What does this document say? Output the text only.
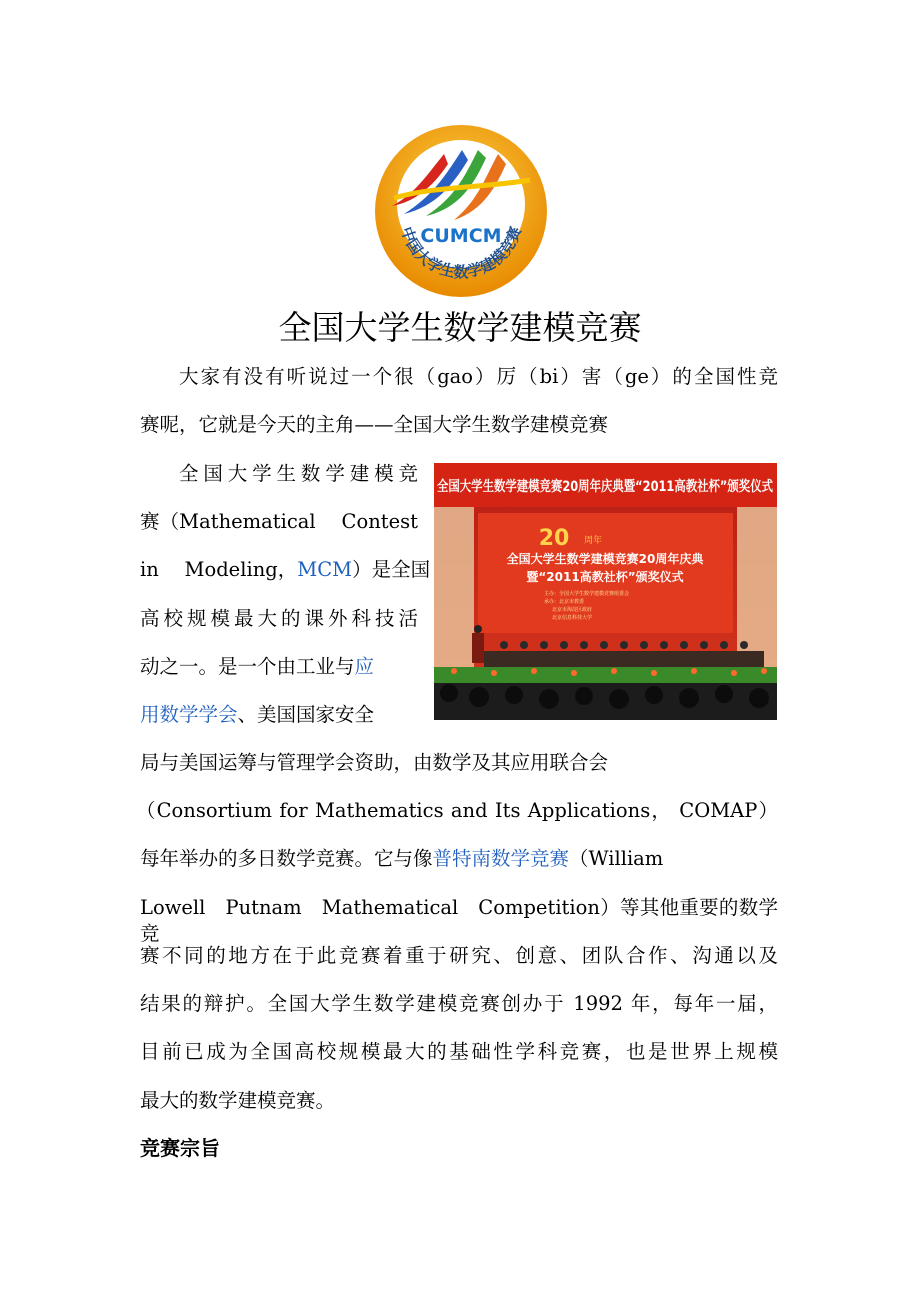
CUMCM
中国大学生数学建模竞赛
全国大学生数学建模竞赛
大家有没有听说过一个很（gao）厉（bi）害（ge）的全国性竞
赛呢，它就是今天的主角——全国大学生数学建模竞赛
全国大学生数学建模竞
赛（Mathematical　 Contest
in　 Modeling，MCM）是全国
高校规模最大的课外科技活
动之一。是一个由工业与应
用数学学会、美国国家安全
局与美国运筹与管理学会资助，由数学及其应用联合会
（Consortium for Mathematics and Its Applications， COMAP）
每年举办的多日数学竞赛。它与像普特南数学竞赛（William
Lowell　Putnam　Mathematical　Competition）等其他重要的数学竞
赛不同的地方在于此竞赛着重于研究、创意、团队合作、沟通以及
结果的辩护。全国大学生数学建模竞赛创办于 1992 年，每年一届，
目前已成为全国高校规模最大的基础性学科竞赛，也是世界上规模
最大的数学建模竞赛。
竞赛宗旨
全国大学生数学建模竞赛20周年庆典暨“2011高教社杯”颁奖仪式
20 周年
全国大学生数学建模竞赛20周年庆典
暨“2011高教社杯”颁奖仪式
主办：全国大学生数学建模竞赛组委会
承办：北京市教委
北京市海淀区政府
北京信息科技大学
